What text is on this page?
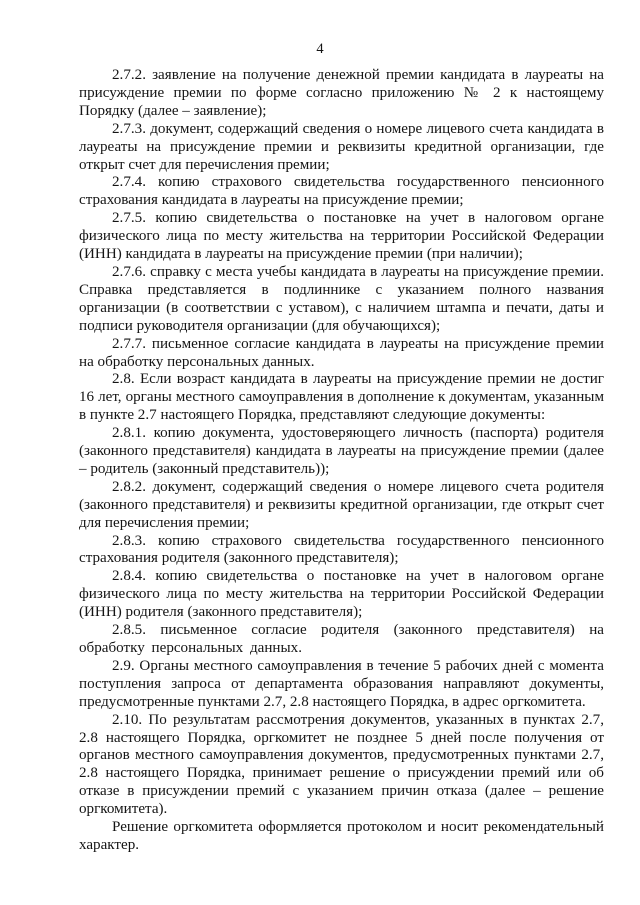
4

2.7.2. заявление на получение денежной премии кандидата в лауреаты на присуждение премии по форме согласно приложению № 2 к настоящему Порядку (далее – заявление);

2.7.3. документ, содержащий сведения о номере лицевого счета кандидата в лауреаты на присуждение премии и реквизиты кредитной организации, где открыт счет для перечисления премии;

2.7.4. копию страхового свидетельства государственного пенсионного страхования кандидата в лауреаты на присуждение премии;

2.7.5. копию свидетельства о постановке на учет в налоговом органе физического лица по месту жительства на территории Российской Федерации (ИНН) кандидата в лауреаты на присуждение премии (при наличии);

2.7.6. справку с места учебы кандидата в лауреаты на присуждение премии. Справка представляется в подлиннике с указанием полного названия организации (в соответствии с уставом), с наличием штампа и печати, даты и подписи руководителя организации (для обучающихся);

2.7.7. письменное согласие кандидата в лауреаты на присуждение премии на обработку персональных данных.

2.8. Если возраст кандидата в лауреаты на присуждение премии не достиг 16 лет, органы местного самоуправления в дополнение к документам, указанным в пункте 2.7 настоящего Порядка, представляют следующие документы:

2.8.1. копию документа, удостоверяющего личность (паспорта) родителя (законного представителя) кандидата в лауреаты на присуждение премии (далее – родитель (законный представитель));

2.8.2. документ, содержащий сведения о номере лицевого счета родителя (законного представителя) и реквизиты кредитной организации, где открыт счет для перечисления премии;

2.8.3. копию страхового свидетельства государственного пенсионного страхования родителя (законного представителя);

2.8.4. копию свидетельства о постановке на учет в налоговом органе физического лица по месту жительства на территории Российской Федерации (ИНН) родителя (законного представителя);

2.8.5. письменное согласие родителя (законного представителя) на обработку персональных данных.

2.9. Органы местного самоуправления в течение 5 рабочих дней с момента поступления запроса от департамента образования направляют документы, предусмотренные пунктами 2.7, 2.8 настоящего Порядка, в адрес оргкомитета.

2.10. По результатам рассмотрения документов, указанных в пунктах 2.7, 2.8 настоящего Порядка, оргкомитет не позднее 5 дней после получения от органов местного самоуправления документов, предусмотренных пунктами 2.7, 2.8 настоящего Порядка, принимает решение о присуждении премий или об отказе в присуждении премий с указанием причин отказа (далее – решение оргкомитета).

Решение оргкомитета оформляется протоколом и носит рекомендательный характер.
